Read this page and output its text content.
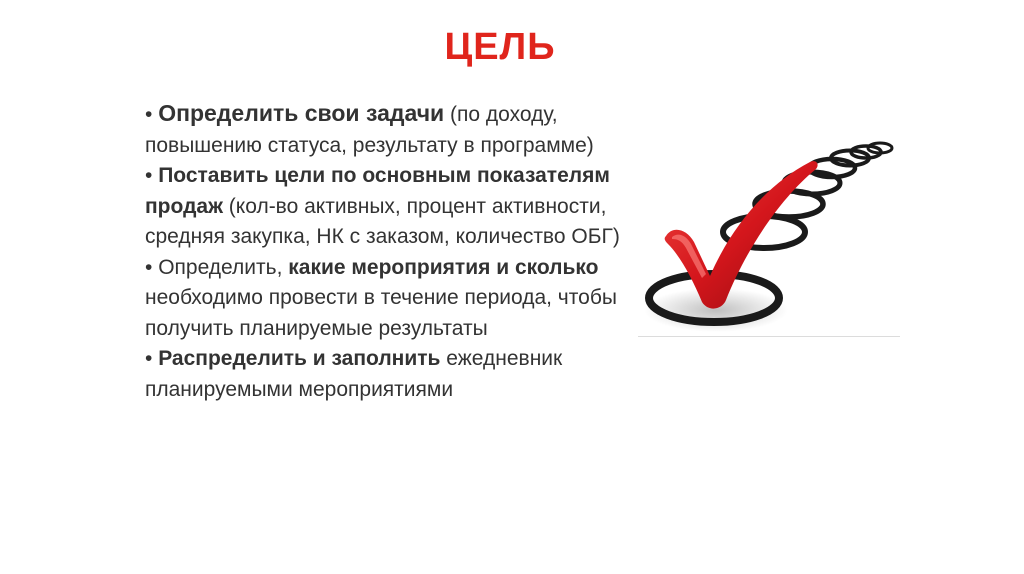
ЦЕЛЬ

• Определить свои задачи (по доходу, повышению статуса, результату в программе)

• Поставить цели по основным показателям продаж (кол-во активных, процент активности, средняя закупка, НК с заказом, количество ОБГ)

• Определить, какие мероприятия и сколько необходимо провести в течение периода, чтобы получить планируемые результаты

• Распределить и заполнить ежедневник планируемыми мероприятиями
